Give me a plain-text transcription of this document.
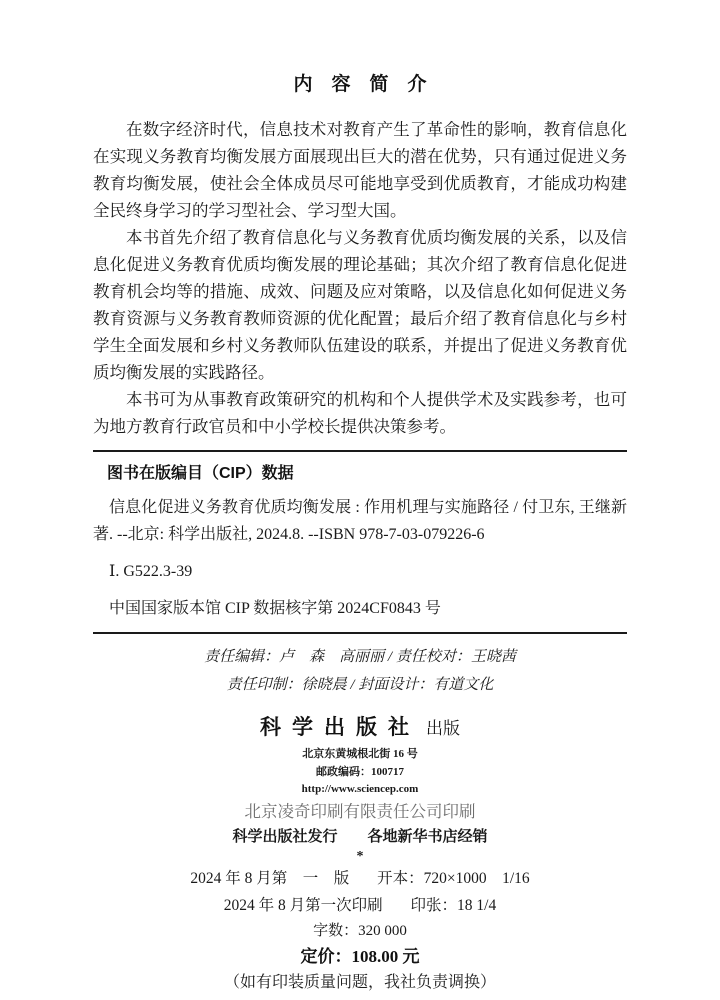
内　容　简　介

在数字经济时代，信息技术对教育产生了革命性的影响，教育信息化在实现义务教育均衡发展方面展现出巨大的潜在优势，只有通过促进义务教育均衡发展，使社会全体成员尽可能地享受到优质教育，才能成功构建全民终身学习的学习型社会、学习型大国。

本书首先介绍了教育信息化与义务教育优质均衡发展的关系，以及信息化促进义务教育优质均衡发展的理论基础；其次介绍了教育信息化促进教育机会均等的措施、成效、问题及应对策略，以及信息化如何促进义务教育资源与义务教育教师资源的优化配置；最后介绍了教育信息化与乡村学生全面发展和乡村义务教师队伍建设的联系，并提出了促进义务教育优质均衡发展的实践路径。

本书可为从事教育政策研究的机构和个人提供学术及实践参考，也可为地方教育行政官员和中小学校长提供决策参考。

图书在版编目（CIP）数据

信息化促进义务教育优质均衡发展 : 作用机理与实施路径 / 付卫东, 王继新著. --北京: 科学出版社, 2024.8. --ISBN 978-7-03-079226-6

Ⅰ. G522.3-39
中国国家版本馆 CIP 数据核字第 2024CF0843 号
责任编辑：卢　森　高丽丽 / 责任校对：王晓茜
责任印制：徐晓晨 / 封面设计：有道文化
科学出版社 出版
北京东黄城根北街 16 号
邮政编码：100717
http://www.sciencep.com
北京凌奇印刷有限责任公司印刷
科学出版社发行　　各地新华书店经销
*
2024 年 8 月第　一　版 开本：720×1000　1/16
2024 年 8 月第一次印刷 印张：18 1/4
字数：320 000
定价：108.00 元
（如有印装质量问题，我社负责调换）
